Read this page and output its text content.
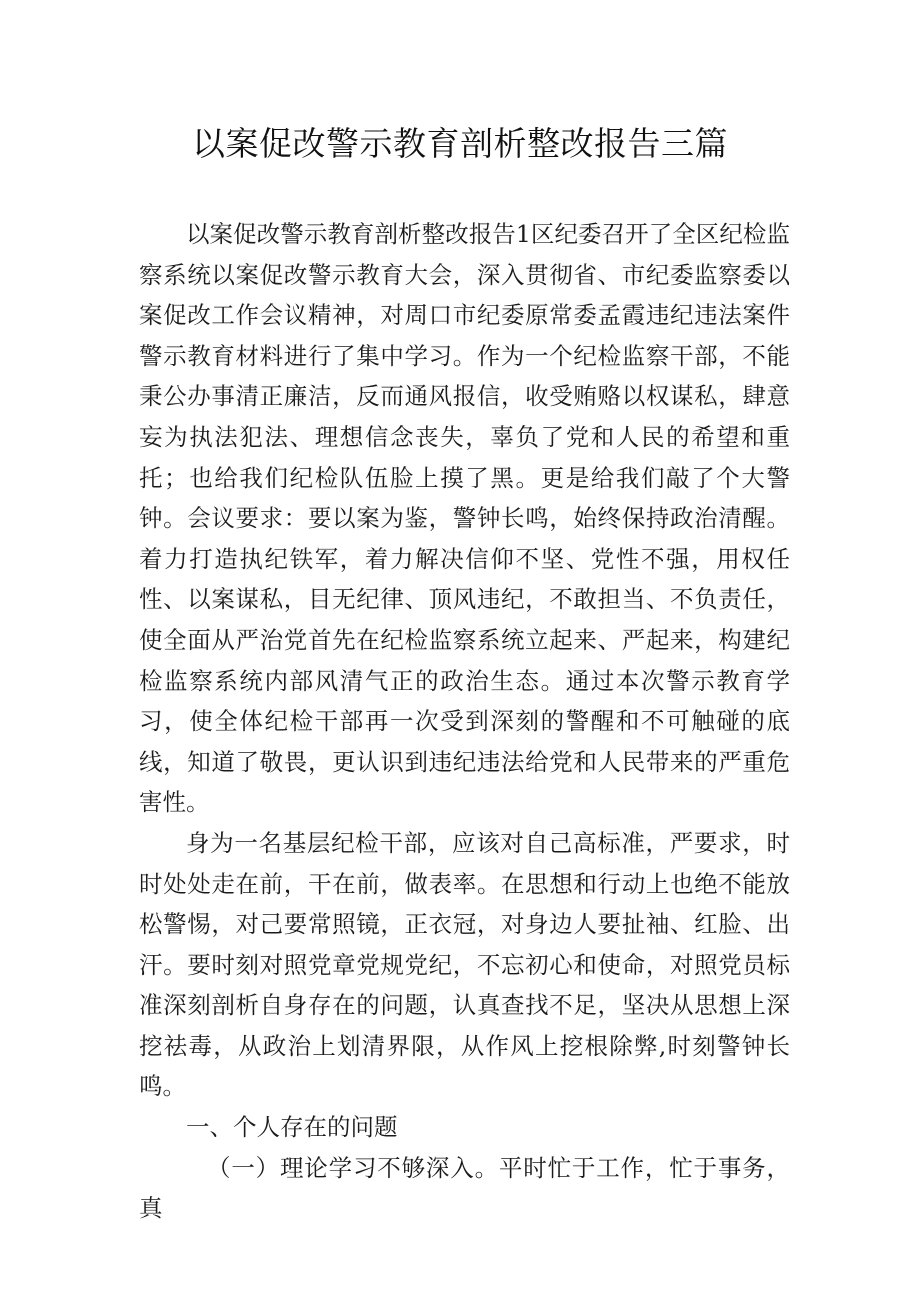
以案促改警示教育剖析整改报告三篇

以案促改警示教育剖析整改报告1区纪委召开了全区纪检监察系统以案促改警示教育大会，深入贯彻省、市纪委监察委以案促改工作会议精神，对周口市纪委原常委孟霞违纪违法案件警示教育材料进行了集中学习。作为一个纪检监察干部，不能秉公办事清正廉洁，反而通风报信，收受贿赂以权谋私，肆意妄为执法犯法、理想信念丧失，辜负了党和人民的希望和重托；也给我们纪检队伍脸上摸了黑。更是给我们敲了个大警钟。会议要求：要以案为鉴，警钟长鸣，始终保持政治清醒。着力打造执纪铁军，着力解决信仰不坚、党性不强，用权任性、以案谋私，目无纪律、顶风违纪，不敢担当、不负责任，使全面从严治党首先在纪检监察系统立起来、严起来，构建纪检监察系统内部风清气正的政治生态。通过本次警示教育学习，使全体纪检干部再一次受到深刻的警醒和不可触碰的底线，知道了敬畏，更认识到违纪违法给党和人民带来的严重危害性。

身为一名基层纪检干部，应该对自己高标准，严要求，时时处处走在前，干在前，做表率。在思想和行动上也绝不能放松警惕，对己要常照镜，正衣冠，对身边人要扯袖、红脸、出汗。要时刻对照党章党规党纪，不忘初心和使命，对照党员标准深刻剖析自身存在的问题，认真查找不足，坚决从思想上深挖祛毒，从政治上划清界限，从作风上挖根除弊,时刻警钟长鸣。

一、个人存在的问题

（一）理论学习不够深入。平时忙于工作，忙于事务，真
